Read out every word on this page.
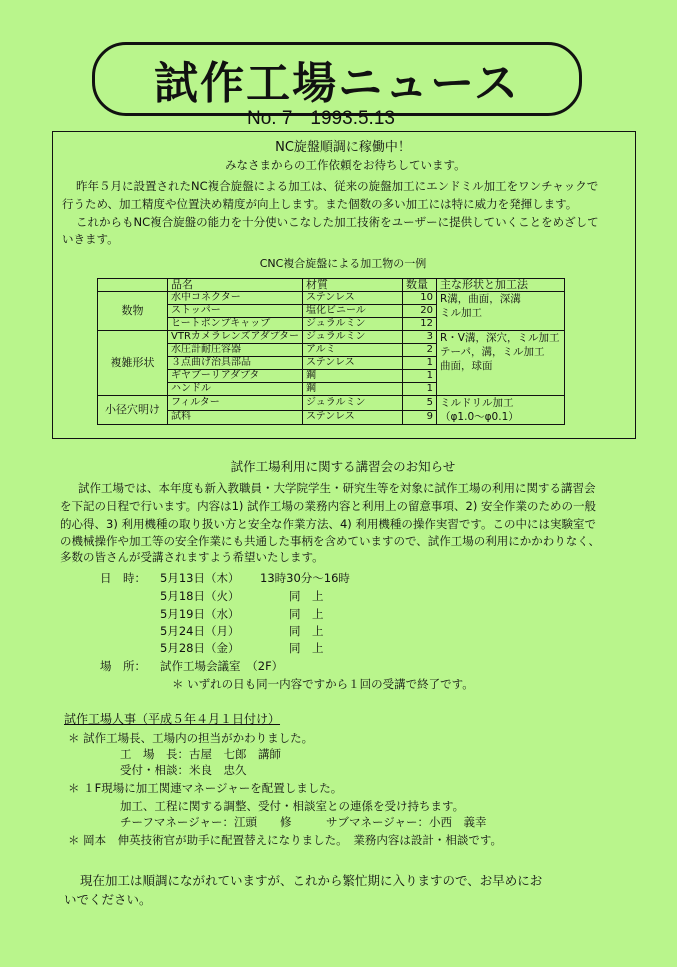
試作工場ニュース
No. 7 1993.5.13
NC旋盤順調に稼働中！
みなさまからの工作依頼をお待ちしています。
昨年５月に設置されたNC複合旋盤による加工は、従来の旋盤加工にエンドミル加工をワンチャックで
行うため、加工精度や位置決め精度が向上します。また個数の多い加工には特に威力を発揮します。
これからもNC複合旋盤の能力を十分使いこなした加工技術をユーザーに提供していくことをめざして
いきます。
CNC複合旋盤による加工物の一例
	品名	材質	数量	主な形状と加工法
数物	水中コネクター	ステンレス	10	R溝，曲面，深溝
ミル加工

	ストッパー	塩化ビニール	20	
	ヒートポンプキャップ	ジュラルミン	12	
複雑形状	VTRカメラレンズアダプター	ジュラルミン	3	R・V溝，深穴，ミル加工
テーパ，溝，ミル加工
曲面，球面

	水圧計耐圧容器	アルミ	2	
	３点曲げ治具部品	ステンレス	1	
	ギヤブーリアダプタ	鋼	1	
	ハンドル	鋼	1	
小径穴明け	フィルター	ジュラルミン	5	ミルドリル加工
（φ1.0～φ0.1）

	試料	ステンレス	9	
試作工場利用に関する講習会のお知らせ
試作工場では、本年度も新入教職員・大学院学生・研究生等を対象に試作工場の利用に関する講習会
を下記の日程で行います。内容は1) 試作工場の業務内容と利用上の留意事項、2) 安全作業のための一般
的心得、3) 利用機種の取り扱い方と安全な作業方法、4) 利用機種の操作実習です。この中には実験室で
の機械操作や加工等の安全作業にも共通した事柄を含めていますので、試作工場の利用にかかわりなく、
多数の皆さんが受講されますよう希望いたします。
日　時： 5月13日（木） 13時30分～16時
5月18日（火）	同　上
5月19日（水）	同　上
5月24日（月）	同　上
5月28日（金）	同　上
場　所： 試作工場会議室　（2F）
＊ いずれの日も同一内容ですから１回の受講で終了です。
試作工場人事（平成５年４月１日付け）
＊ 試作工場長、工場内の担当がかわりました。
工　場　長：古屋　七郎　講師
受付・相談：米良　忠久
＊ １F現場に加工関連マネージャーを配置しました。
加工、工程に関する調整、受付・相談室との連係を受け持ちます。
チーフマネージャー：江頭　　修　　　サブマネージャー：小西　義幸
＊ 岡本　伸英技術官が助手に配置替えになりました。　業務内容は設計・相談です。
現在加工は順調にながれていますが、これから繁忙期に入りますので、お早めにお
いでください。
